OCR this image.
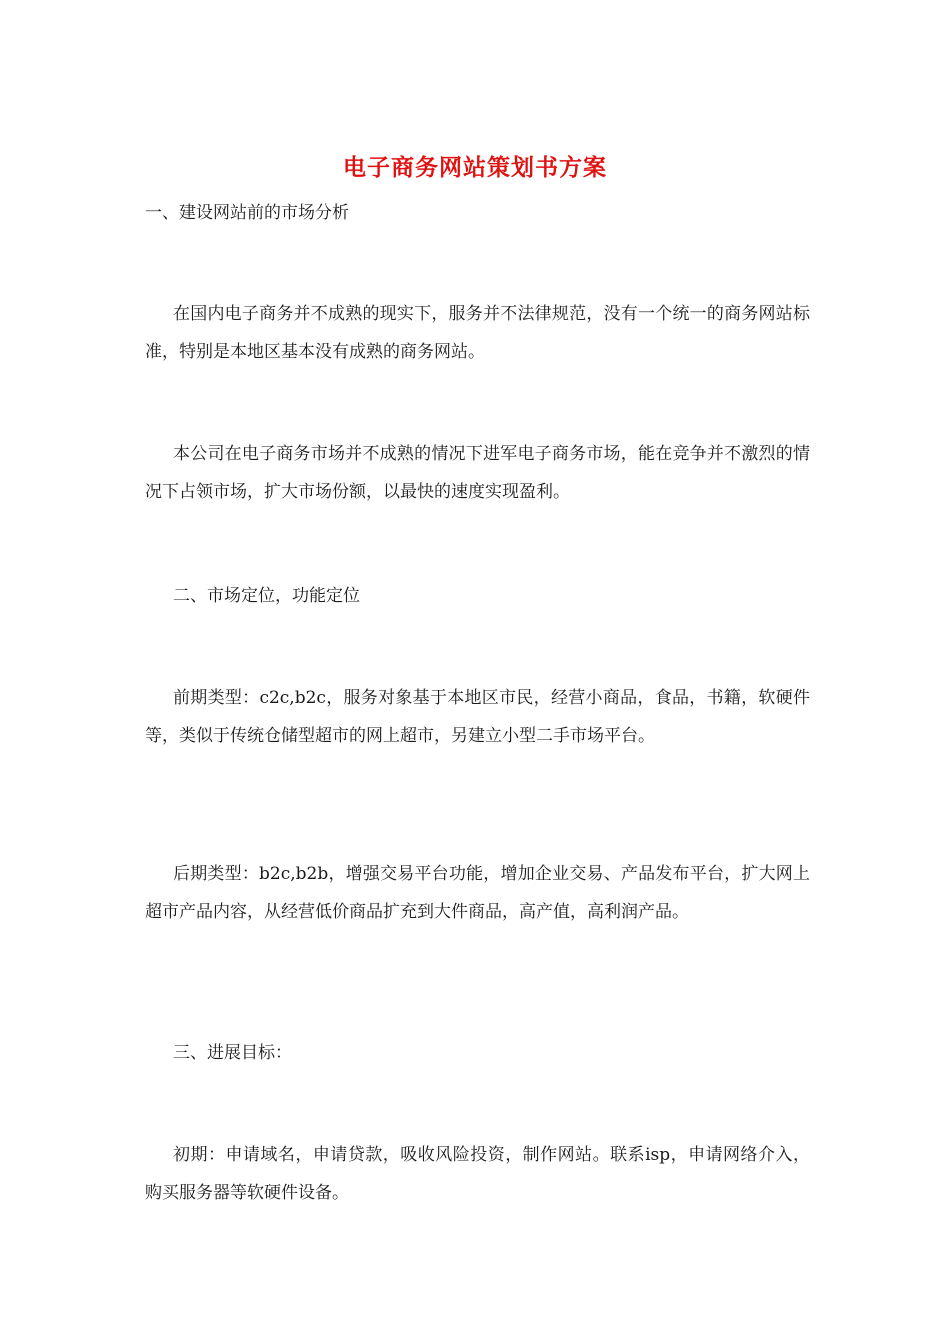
电子商务网站策划书方案

一、建设网站前的市场分析

在国内电子商务并不成熟的现实下，服务并不法律规范，没有一个统一的商务网站标准，特别是本地区基本没有成熟的商务网站。

本公司在电子商务市场并不成熟的情况下进军电子商务市场，能在竞争并不激烈的情况下占领市场，扩大市场份额，以最快的速度实现盈利。

二、市场定位，功能定位

前期类型：c2c,b2c，服务对象基于本地区市民，经营小商品，食品，书籍，软硬件等，类似于传统仓储型超市的网上超市，另建立小型二手市场平台。

后期类型：b2c,b2b，增强交易平台功能，增加企业交易、产品发布平台，扩大网上超市产品内容，从经营低价商品扩充到大件商品，高产值，高利润产品。

三、进展目标：

初期：申请域名，申请贷款，吸收风险投资，制作网站。联系isp，申请网络介入，购买服务器等软硬件设备。
